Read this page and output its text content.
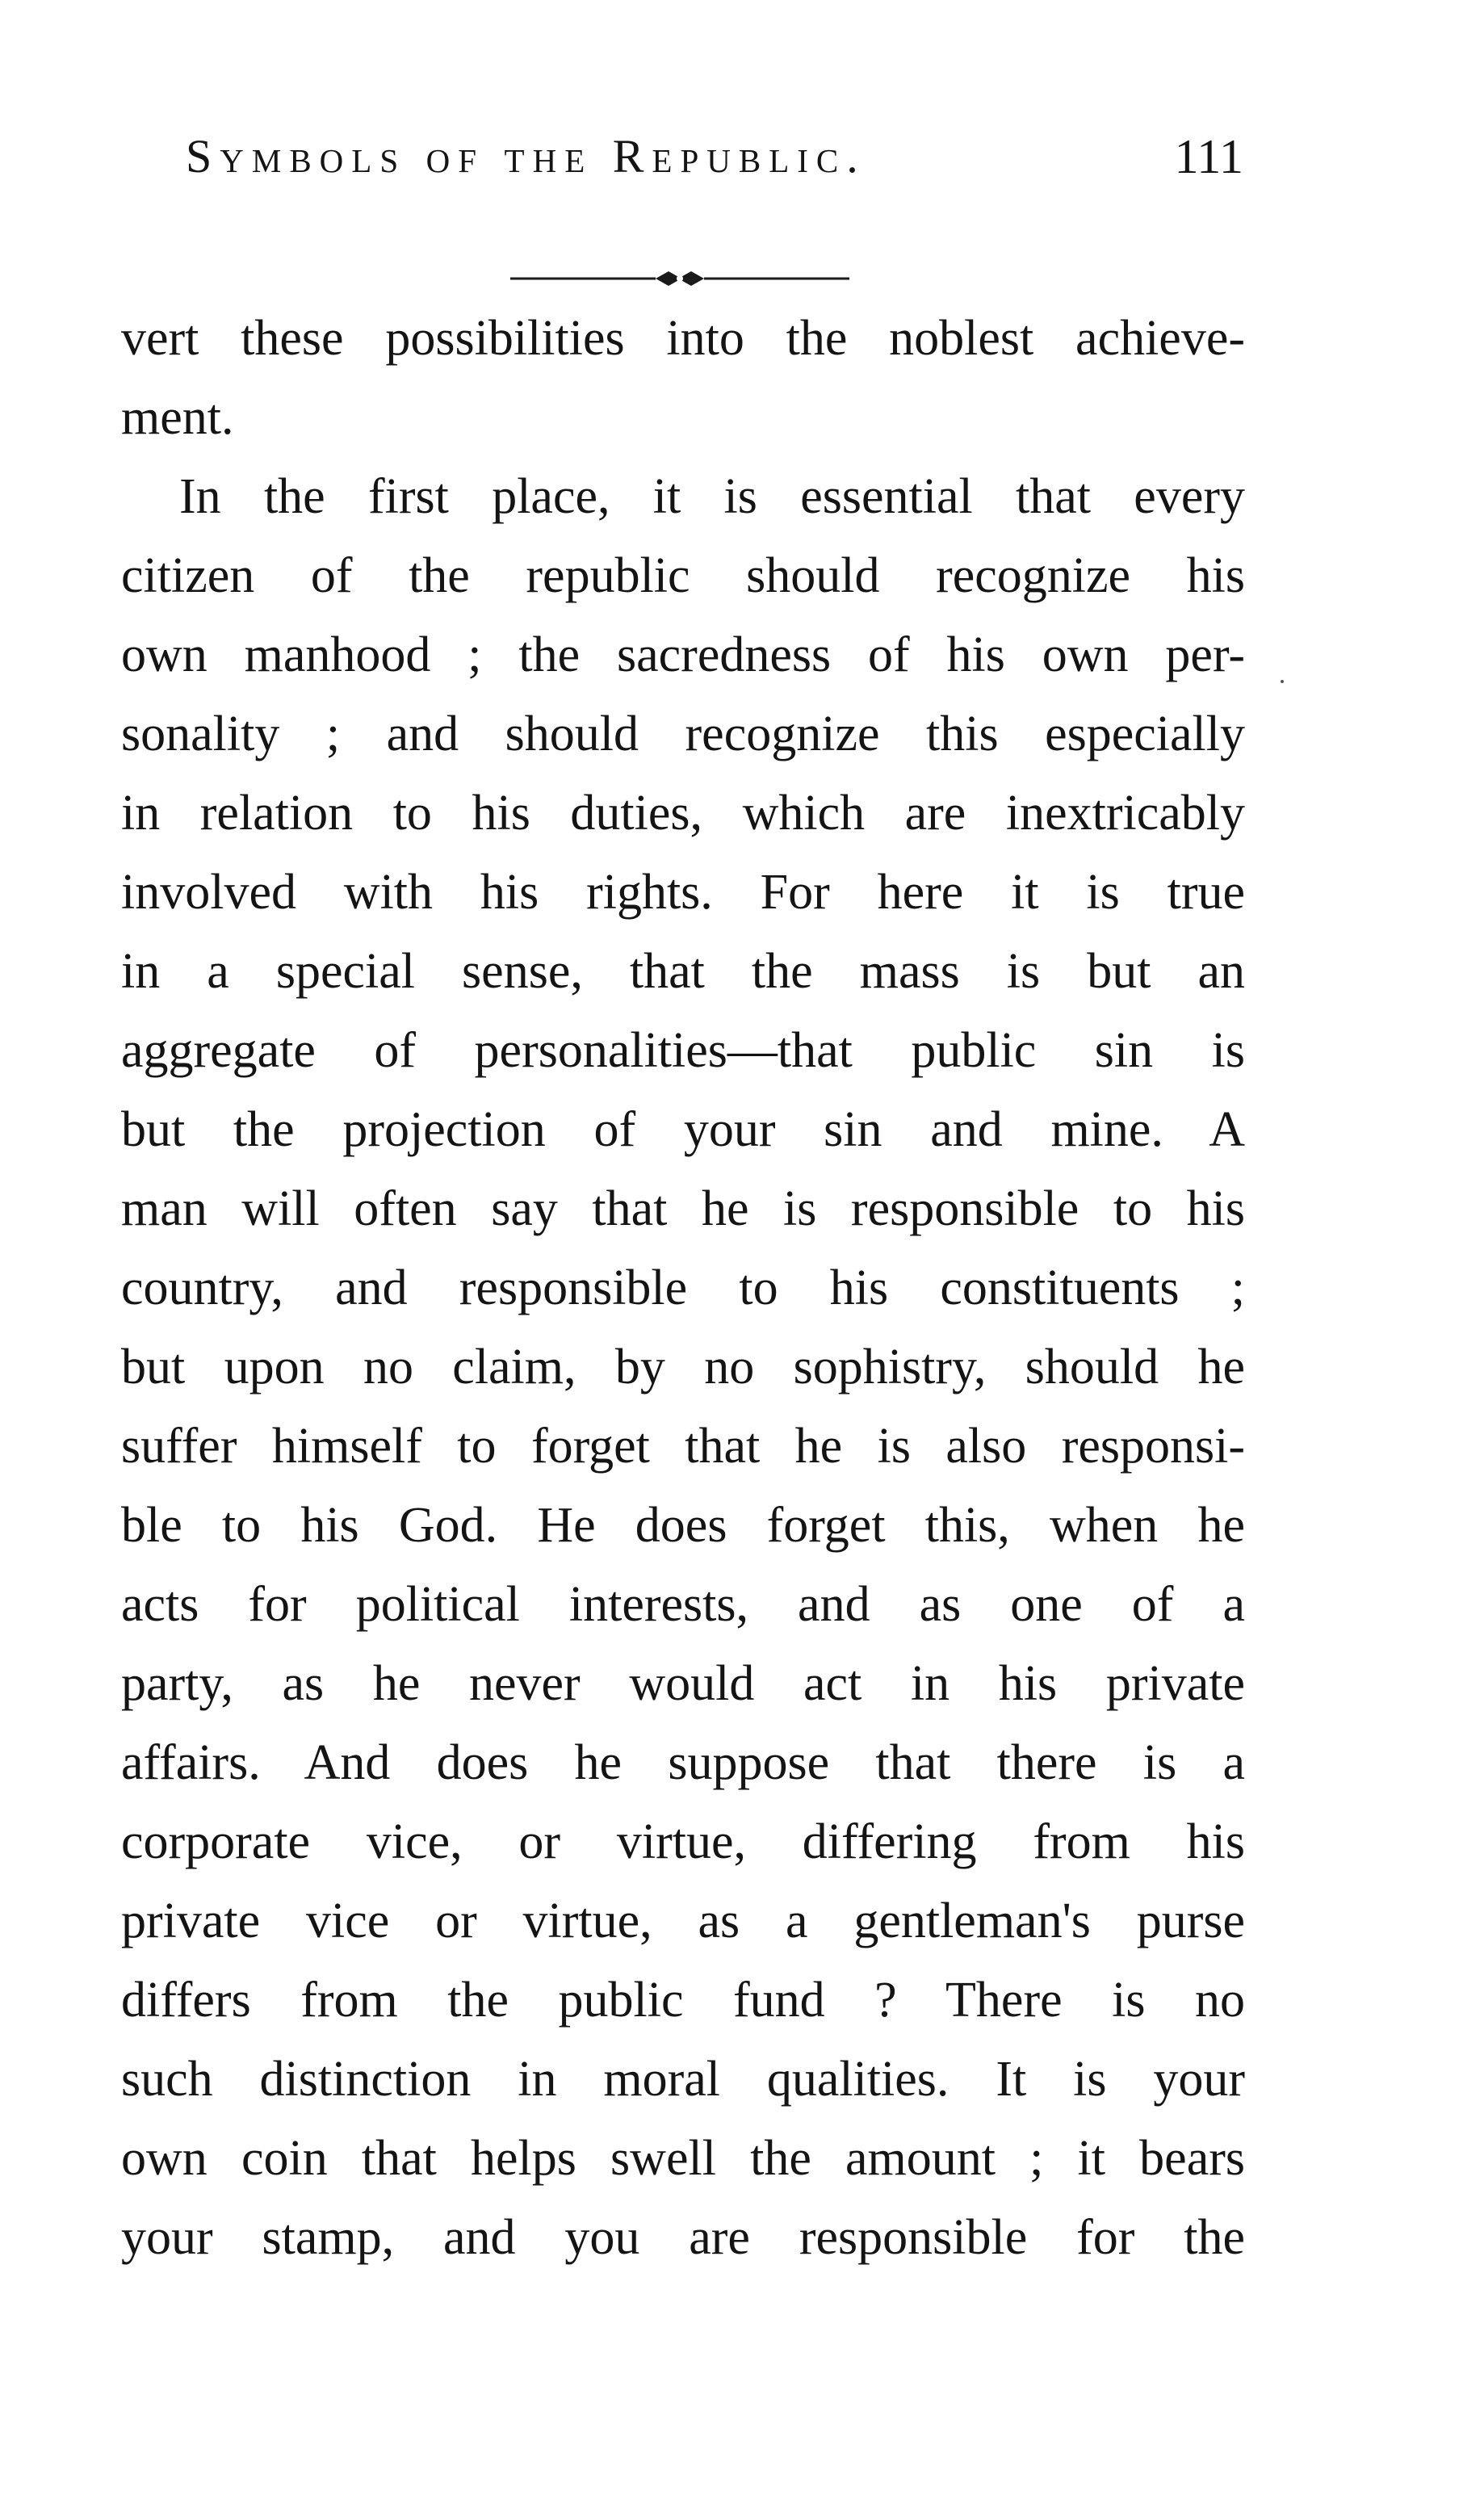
Symbols of the Republic.	111
vert these possibilities into the noblest achieve-
ment.
In the first place, it is essential that every
citizen of the republic should recognize his
own manhood ; the sacredness of his own per-
sonality ; and should recognize this especially
in relation to his duties, which are inextricably
involved with his rights. For here it is true
in a special sense, that the mass is but an
aggregate of personalities—that public sin is
but the projection of your sin and mine. A
man will often say that he is responsible to his
country, and responsible to his constituents ;
but upon no claim, by no sophistry, should he
suffer himself to forget that he is also responsi-
ble to his God. He does forget this, when he
acts for political interests, and as one of a
party, as he never would act in his private
affairs. And does he suppose that there is a
corporate vice, or virtue, differing from his
private vice or virtue, as a gentleman's purse
differs from the public fund ? There is no
such distinction in moral qualities. It is your
own coin that helps swell the amount ; it bears
your stamp, and you are responsible for the
